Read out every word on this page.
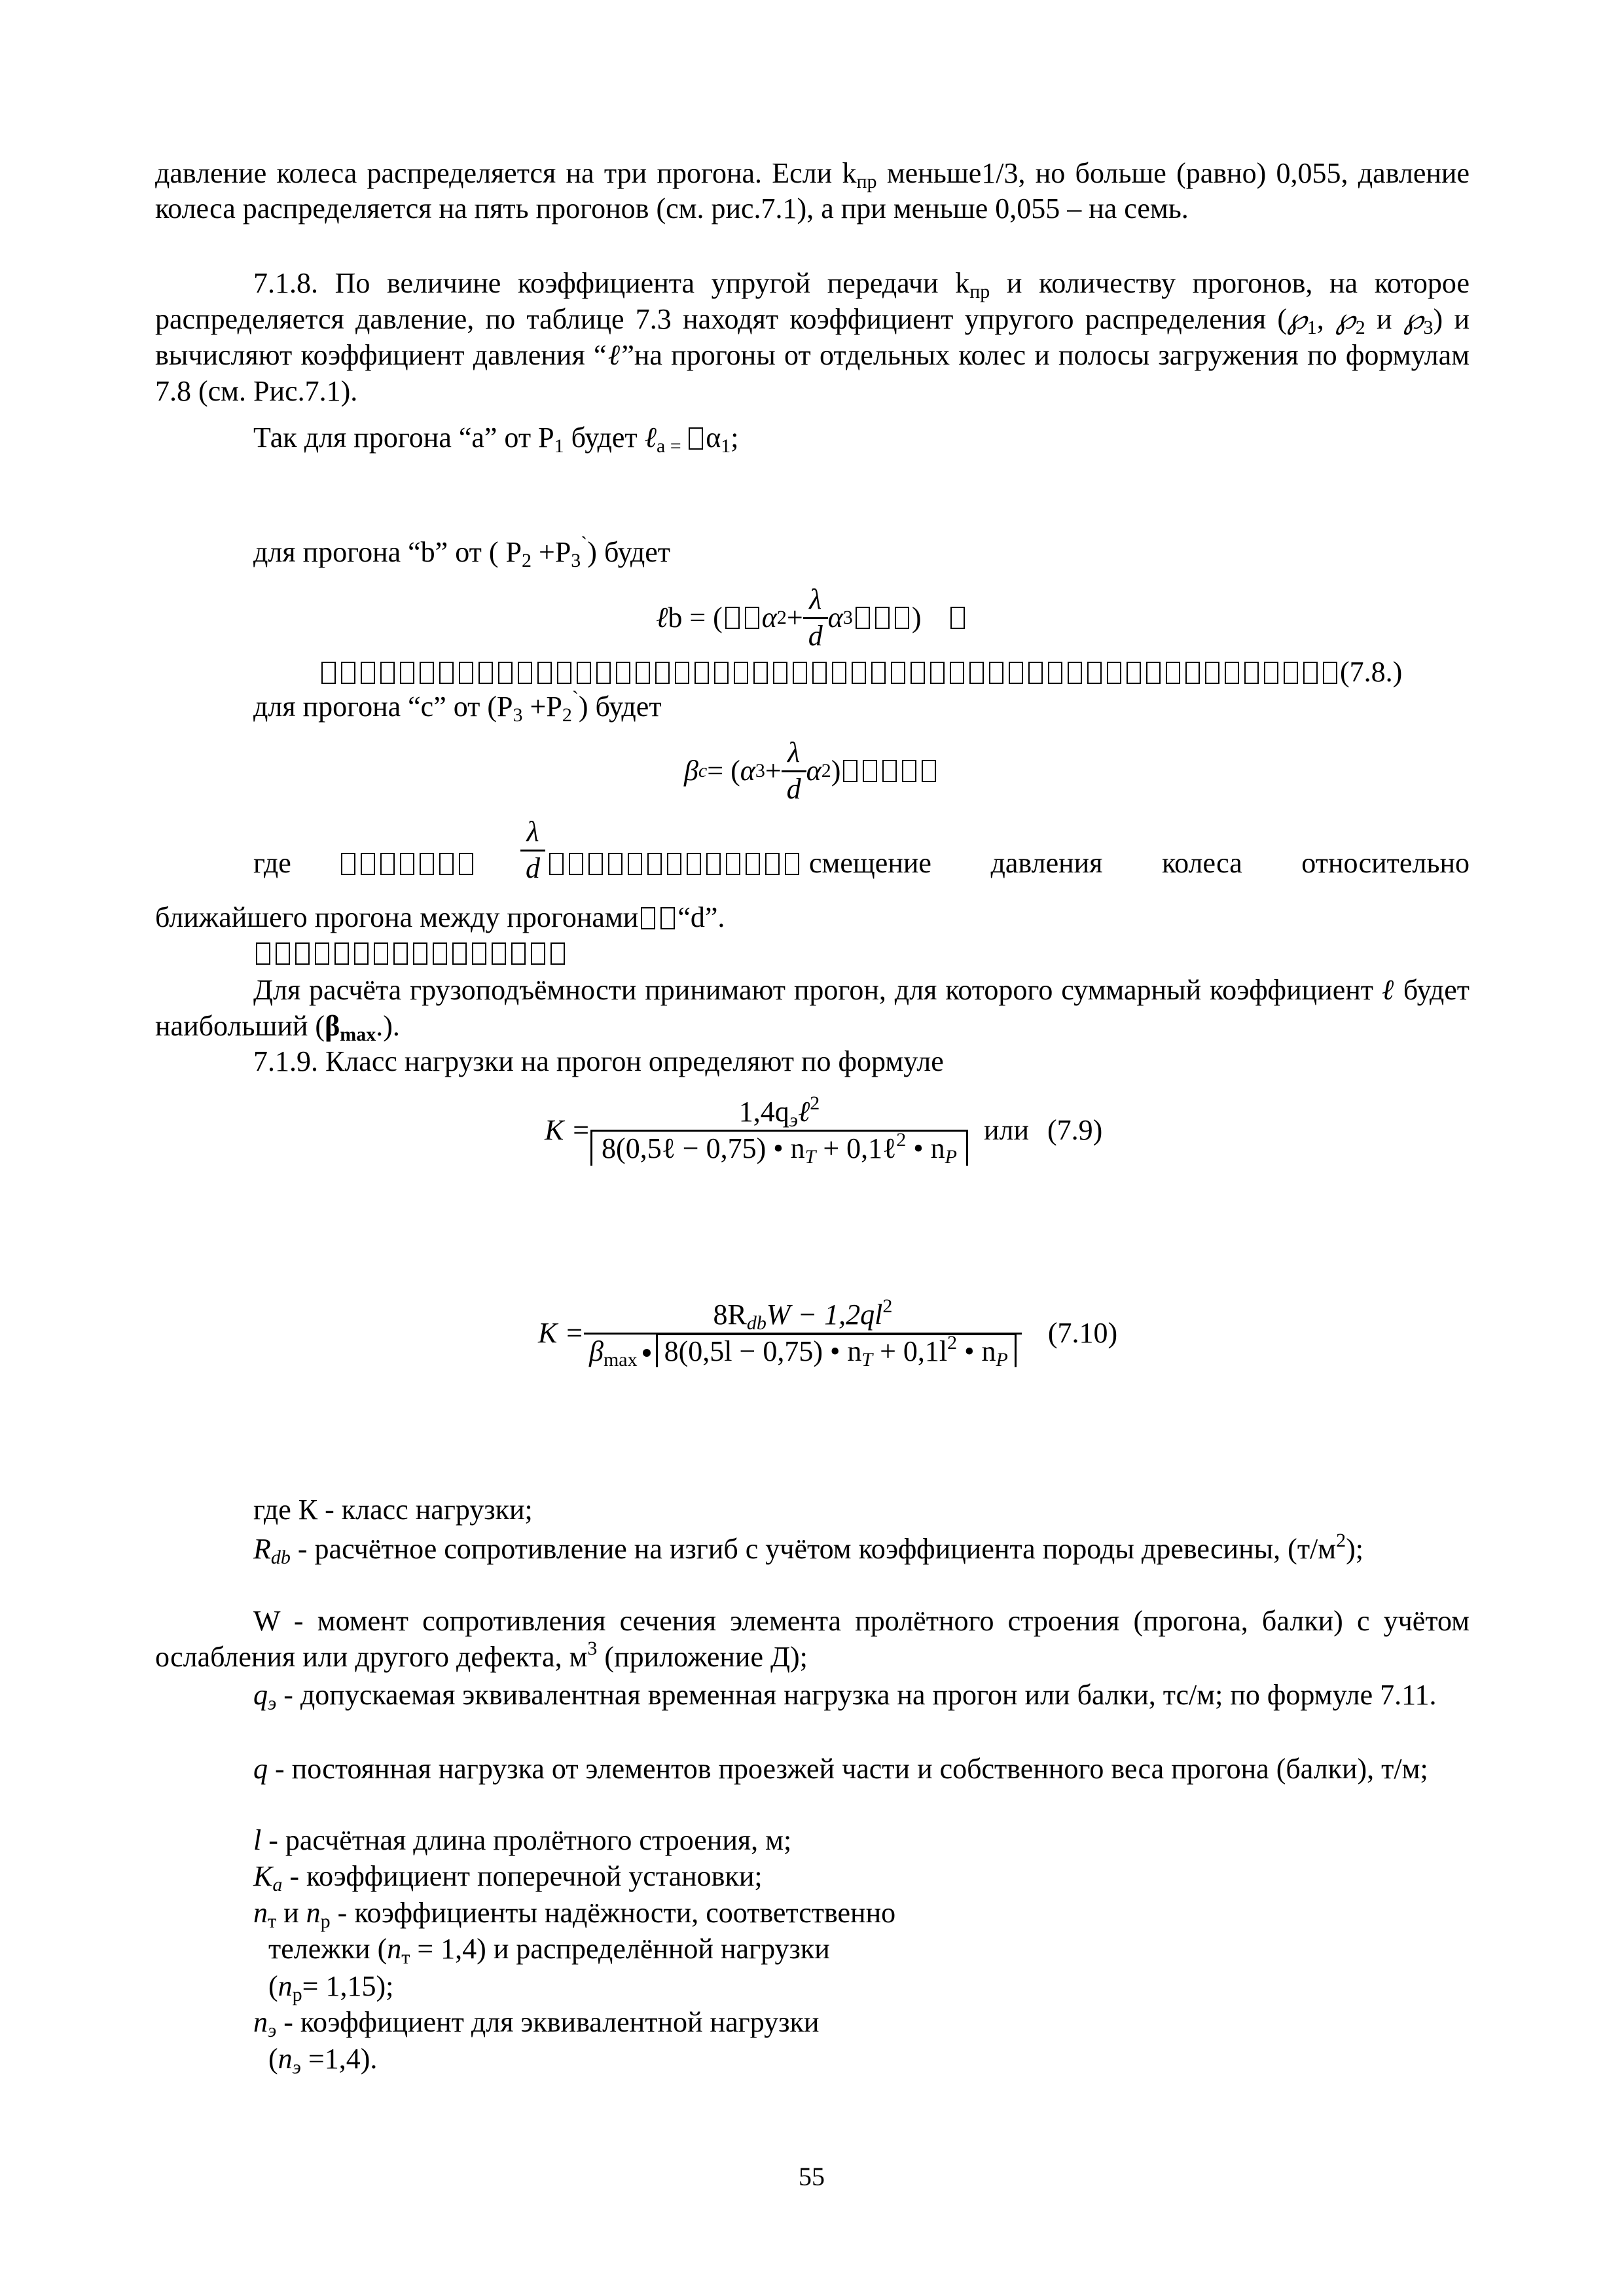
давление колеса распределяется на три прогона. Если $k_{пр}$ меньше1/3, но больше (равно) 0,055, давление колеса распределяется на пять прогонов (см. рис.7.1), а при меньше 0,055 – на семь.
7.1.8. По величине коэффициента упругой передачи $k_{пр}$ и количеству прогонов, на которое распределяется давление, по таблице 7.3 находят коэффициент упругого распределения ($℘_1$, $℘_2$ и $℘_3$) и вычисляют коэффициент давления “ℓ”на прогоны от отдельных колес и полосы загружения по формулам 7.8 (см. Рис.7.1).
Так для прогона “а” от $Р_1$ будет ℓ$_{a =}$ $\alpha_1$;
для прогона “b” от ( $P_2 +P_3^`$) будет
ℓ b = ( α $2 + \frac{\lambda}{d}$ α 3 )
(7.8.)
для прогона “с” от $(P_3 +P_2^`)$ будет
β c = ( α $3 + \frac{\lambda}{d}$ α 2 )
где	$\frac{\lambda}{d}$	смещение давления колеса относительно
ближайшего прогона между прогонами “d”.
Для расчёта грузоподъёмности принимают прогон, для которого суммарный коэффициент ℓ будет наибольший $(\beta_{max}.)$.
7.1.9. Класс нагрузки на прогон определяют по формуле
$K = \frac{1,4q_э\ell^2}{8(0,5\ell - 0,75) • n_T + 0,1\ell^2 • n_P}$ или (7.9)
$K = \frac{8R_{db}W - 1,2ql^2}{\beta_{max} 8(0,5l - 0,75) • n_T + 0,1l^2 • n_P} (7.10)$
где К - класс нагрузки;
$R_{db}$ - расчётное сопротивление на изгиб с учётом коэффициента породы древесины, $(т/м^2)$;
W - момент сопротивления сечения элемента пролётного строения (прогона, балки) с учётом ослабления или другого дефекта, $м^3$ (приложение Д);
$q_э$ - допускаемая эквивалентная временная нагрузка на прогон или балки, тс/м; по формуле 7.11.
q - постоянная нагрузка от элементов проезжей части и собственного веса прогона (балки), т/м;
l - расчётная длина пролётного строения, м;
$K_a$ - коэффициент поперечной установки;
$n_т$ и $n_р$ - коэффициенты надёжности, соответственно
тележки $(n_т = 1,4)$ и распределённой нагрузки
$(n_р= 1,15)$;
$n_э$ - коэффициент для эквивалентной нагрузки
$(n_э =1,4)$.
55
